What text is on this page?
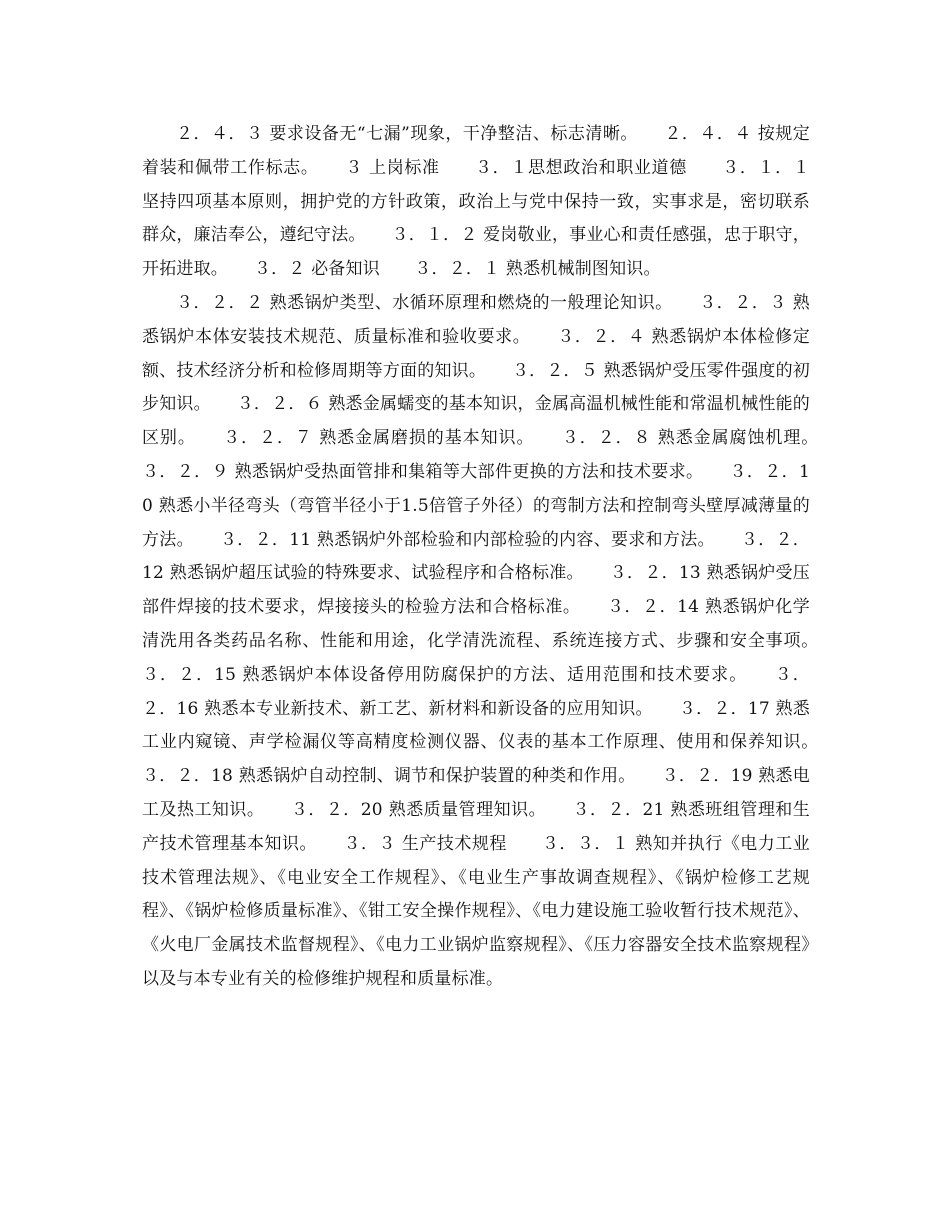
２．４．３ 要求设备无“七漏”现象，干净整洁、标志清晰。　　２．４．４ 按规定着装和佩带工作标志。　　３ 上岗标准　　３．１思想政治和职业道德　　３．１．１ 坚持四项基本原则，拥护党的方针政策，政治上与党中保持一致，实事求是，密切联系群众，廉洁奉公，遵纪守法。　　３．１．２ 爱岗敬业，事业心和责任感强，忠于职守，开拓进取。　　３．２ 必备知识　　３．２．１ 熟悉机械制图知识。

３．２．２ 熟悉锅炉类型、水循环原理和燃烧的一般理论知识。　　３．２．３ 熟悉锅炉本体安装技术规范、质量标准和验收要求。　　３．２．４ 熟悉锅炉本体检修定额、技术经济分析和检修周期等方面的知识。　　３．２．５ 熟悉锅炉受压零件强度的初步知识。　　３．２．６ 熟悉金属蠕变的基本知识，金属高温机械性能和常温机械性能的区别。　　３．２．７ 熟悉金属磨损的基本知识。　　３．２．８ 熟悉金属腐蚀机理。　　３．２．９ 熟悉锅炉受热面管排和集箱等大部件更换的方法和技术要求。　　３．２．10 熟悉小半径弯头（弯管半径小于1.5倍管子外径）的弯制方法和控制弯头壁厚减薄量的方法。　　３．２．11 熟悉锅炉外部检验和内部检验的内容、要求和方法。　　３．２．12 熟悉锅炉超压试验的特殊要求、试验程序和合格标准。　　３．２．13 熟悉锅炉受压部件焊接的技术要求，焊接接头的检验方法和合格标准。　　３．２．14 熟悉锅炉化学清洗用各类药品名称、性能和用途，化学清洗流程、系统连接方式、步骤和安全事项。　　３．２．15 熟悉锅炉本体设备停用防腐保护的方法、适用范围和技术要求。　　３．２．16 熟悉本专业新技术、新工艺、新材料和新设备的应用知识。　　３．２．17 熟悉工业内窥镜、声学检漏仪等高精度检测仪器、仪表的基本工作原理、使用和保养知识。　　３．２．18 熟悉锅炉自动控制、调节和保护装置的种类和作用。　　３．２．19 熟悉电工及热工知识。　　３．２．20 熟悉质量管理知识。　　３．２．21 熟悉班组管理和生产技术管理基本知识。　　３．３ 生产技术规程　　３．３．１ 熟知并执行《电力工业技术管理法规》、《电业安全工作规程》、《电业生产事故调查规程》、《锅炉检修工艺规程》、《锅炉检修质量标准》、《钳工安全操作规程》、《电力建设施工验收暂行技术规范》、《火电厂金属技术监督规程》、《电力工业锅炉监察规程》、《压力容器安全技术监察规程》以及与本专业有关的检修维护规程和质量标准。
